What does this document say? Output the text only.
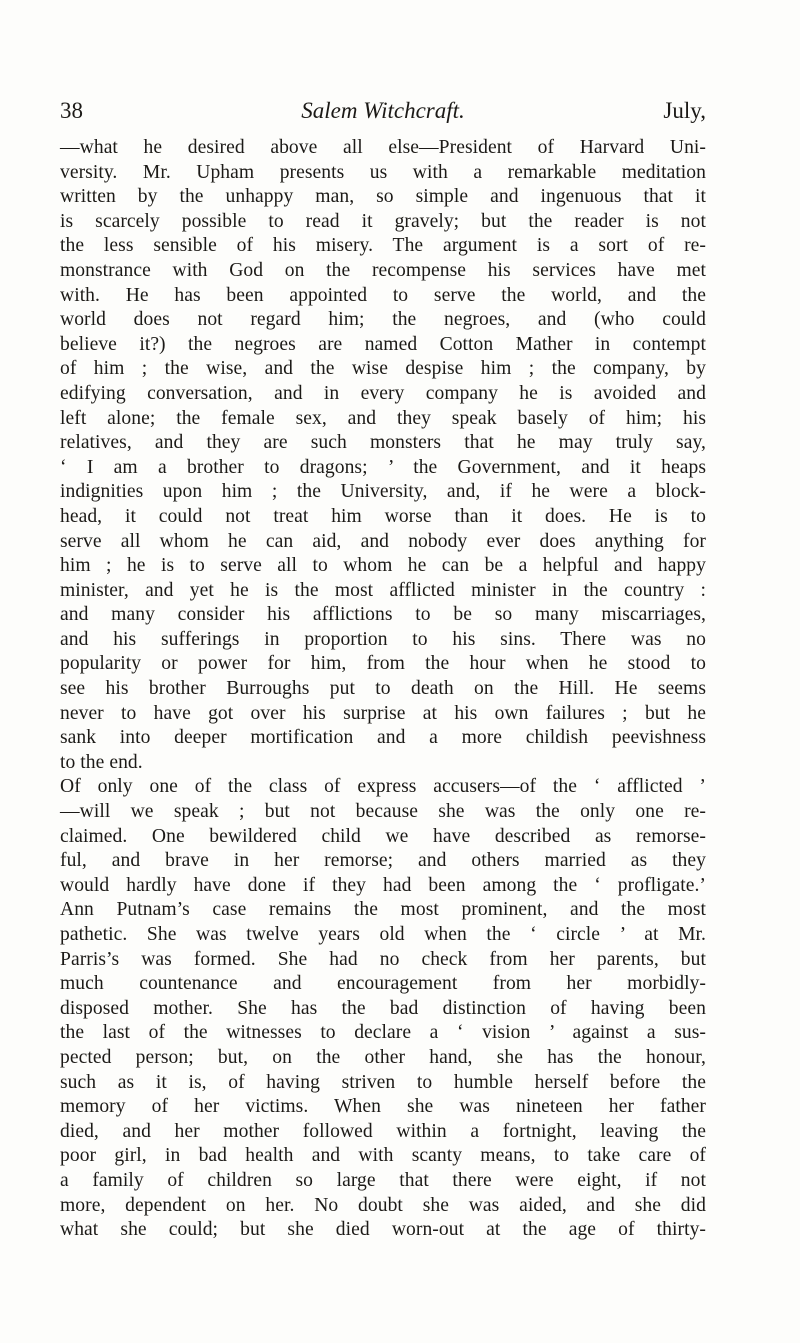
38	Salem Witchcraft.	July,
—what he desired above all else—President of Harvard Uni-
versity. Mr. Upham presents us with a remarkable meditation
written by the unhappy man, so simple and ingenuous that it
is scarcely possible to read it gravely; but the reader is not
the less sensible of his misery. The argument is a sort of re-
monstrance with God on the recompense his services have met
with. He has been appointed to serve the world, and the
world does not regard him; the negroes, and (who could
believe it?) the negroes are named Cotton Mather in contempt
of him ; the wise, and the wise despise him ; the company, by
edifying conversation, and in every company he is avoided and
left alone; the female sex, and they speak basely of him; his
relatives, and they are such monsters that he may truly say,
‘ I am a brother to dragons; ’ the Government, and it heaps
indignities upon him ; the University, and, if he were a block-
head, it could not treat him worse than it does. He is to
serve all whom he can aid, and nobody ever does anything for
him ; he is to serve all to whom he can be a helpful and happy
minister, and yet he is the most afflicted minister in the country :
and many consider his afflictions to be so many miscarriages,
and his sufferings in proportion to his sins. There was no
popularity or power for him, from the hour when he stood to
see his brother Burroughs put to death on the Hill. He seems
never to have got over his surprise at his own failures ; but he
sank into deeper mortification and a more childish peevishness
to the end.
Of only one of the class of express accusers—of the ‘ afflicted ’
—will we speak ; but not because she was the only one re-
claimed. One bewildered child we have described as remorse-
ful, and brave in her remorse; and others married as they
would hardly have done if they had been among the ‘ profligate.’
Ann Putnam’s case remains the most prominent, and the most
pathetic. She was twelve years old when the ‘ circle ’ at Mr.
Parris’s was formed. She had no check from her parents, but
much countenance and encouragement from her morbidly-
disposed mother. She has the bad distinction of having been
the last of the witnesses to declare a ‘ vision ’ against a sus-
pected person; but, on the other hand, she has the honour,
such as it is, of having striven to humble herself before the
memory of her victims. When she was nineteen her father
died, and her mother followed within a fortnight, leaving the
poor girl, in bad health and with scanty means, to take care of
a family of children so large that there were eight, if not
more, dependent on her. No doubt she was aided, and she did
what she could; but she died worn-out at the age of thirty-
